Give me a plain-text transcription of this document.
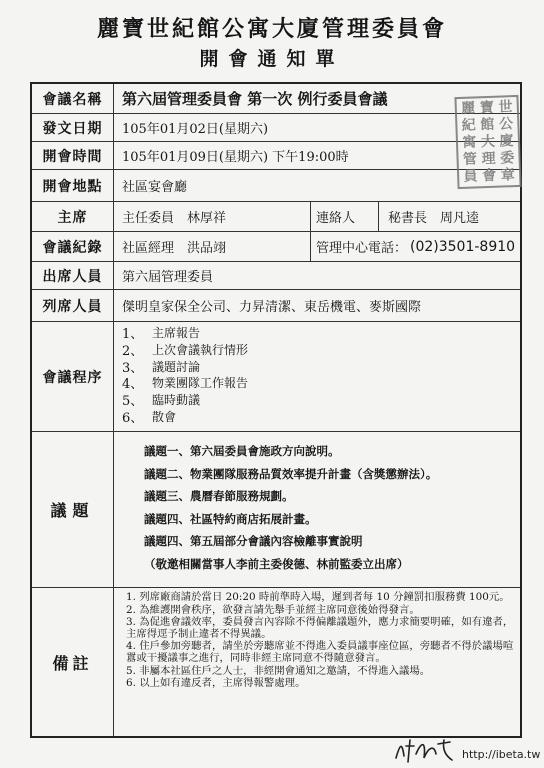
麗寶世紀館公寓大廈管理委員會
開會通知單
會議名稱	第六屆管理委員會 第一次 例行委員會議
發文日期	105年01月02日(星期六)
開會時間	105年01月09日(星期六) 下午19:00時
開會地點	社區宴會廳
主席	主任委員　林厚祥	連絡人	秘書長　周凡逵
會議紀錄	社區經理　洪品翊	管理中心電話： (02)3501-8910
出席人員	第六屆管理委員
列席人員	傑明皇家保全公司、力昇清潔、東岳機電、麥斯國際
會議程序
1、 主席報告
2、 上次會議執行情形
3、 議題討論
4、 物業團隊工作報告
5、 臨時動議
6、 散會
議題
議題一、第六屆委員會施政方向說明。
議題二、物業團隊服務品質效率提升計畫（含獎懲辦法）。
議題三、農曆春節服務規劃。
議題四、社區特約商店拓展計畫。
議題四、第五屆部分會議內容檢離事實說明
（敬邀相關當事人李前主委俊德、林前監委立出席）
備註
1. 列席廠商請於當日 20:20 時前準時入場，遲到者每 10 分鐘罰扣服務費 100元。
2. 為維護開會秩序，欲發言請先舉手並經主席同意後始得發言。
3. 為促進會議效率，委員發言內容除不得偏離議題外，應力求簡要明確，如有違者，主席得逕予制止違者不得異議。
4. 住戶參加旁聽者，請坐於旁聽席並不得進入委員議事座位區，旁聽者不得於議場喧囂或干擾議事之進行，同時非經主席同意不得隨意發言。
5. 非屬本社區住戶之人士，非經開會通知之邀請，不得進入議場。
6. 以上如有違反者，主席得報警處理。
麗 寶 世
紀 館 公
寓 大 廈
管 理 委
員 會 章
http://ibeta.tw
